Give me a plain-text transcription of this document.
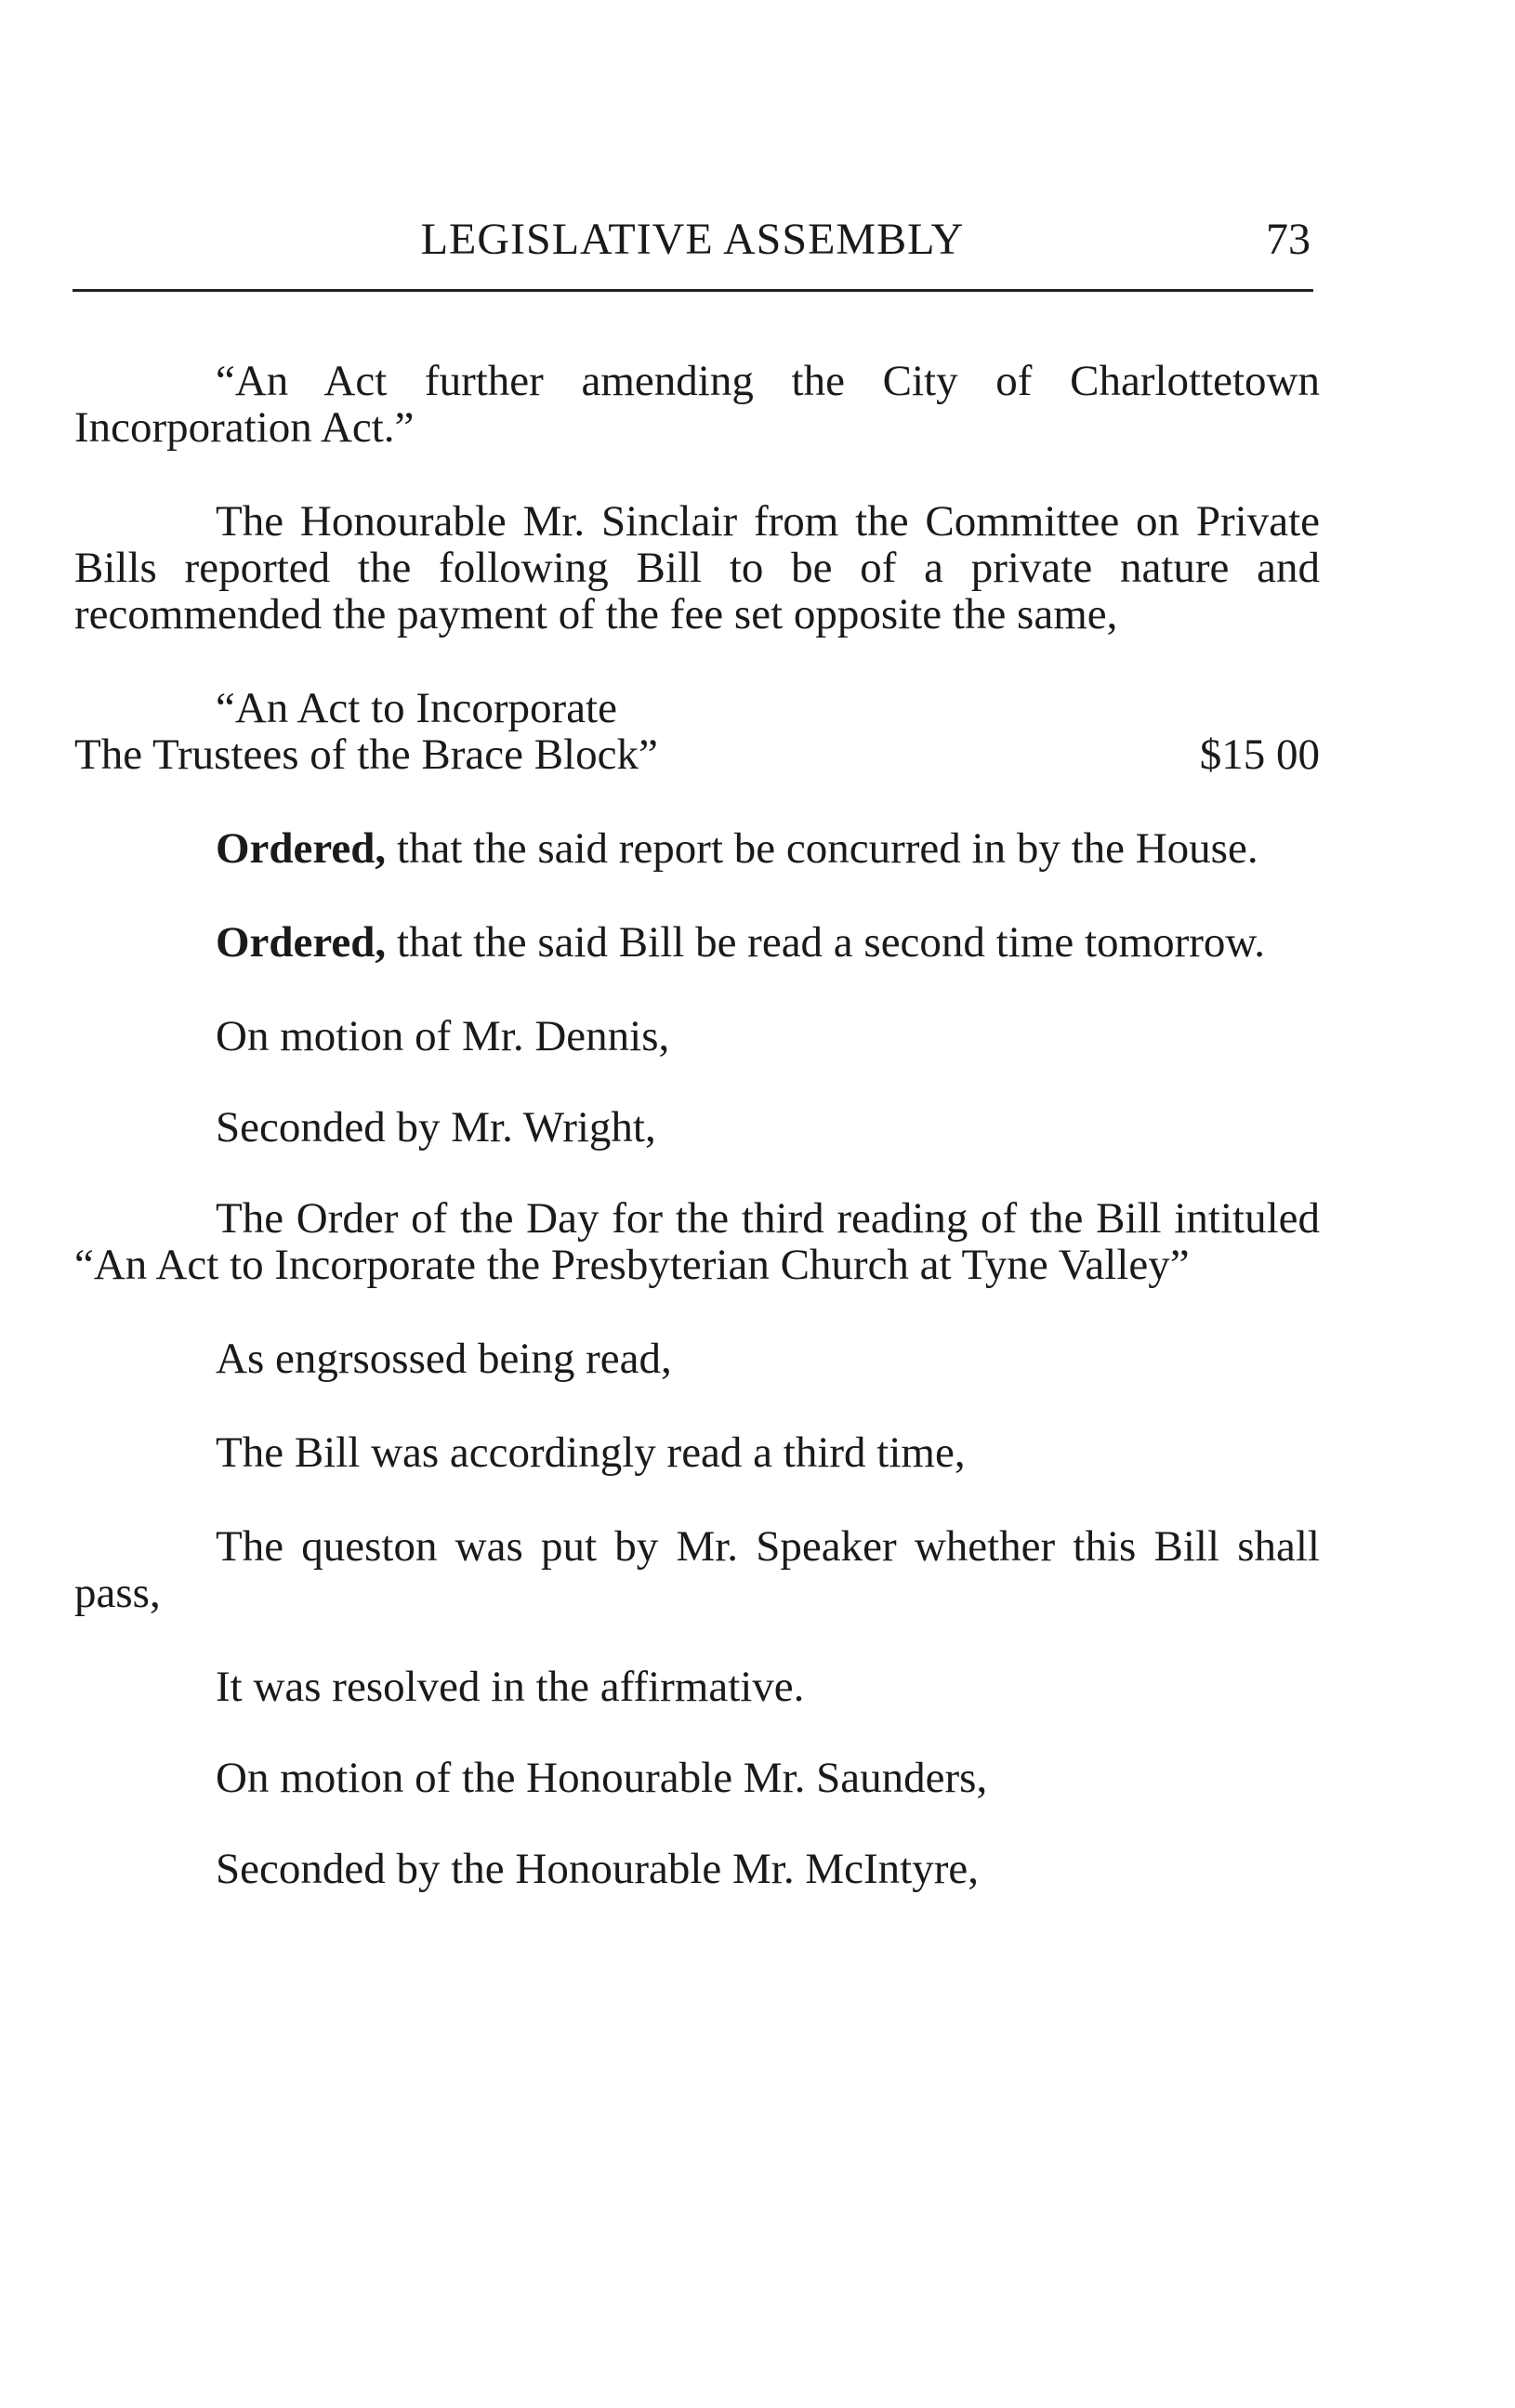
LEGISLATIVE ASSEMBLY	73

“An Act further amending the City of Charlottetown Incorporation Act.”

The Honourable Mr. Sinclair from the Committee on Private Bills reported the following Bill to be of a private nature and recommended the payment of the fee set opposite the same,

“An Act to Incorporate
The Trustees of the Brace Block”	$15 00

Ordered, that the said report be concurred in by the House.

Ordered, that the said Bill be read a second time tomorrow.

On motion of Mr. Dennis,

Seconded by Mr. Wright,

The Order of the Day for the third reading of the Bill intituled “An Act to Incorporate the Presbyterian Church at Tyne Valley”

As engrsossed being read,

The Bill was accordingly read a third time,

The queston was put by Mr. Speaker whether this Bill shall pass,

It was resolved in the affirmative.

On motion of the Honourable Mr. Saunders,

Seconded by the Honourable Mr. McIntyre,
